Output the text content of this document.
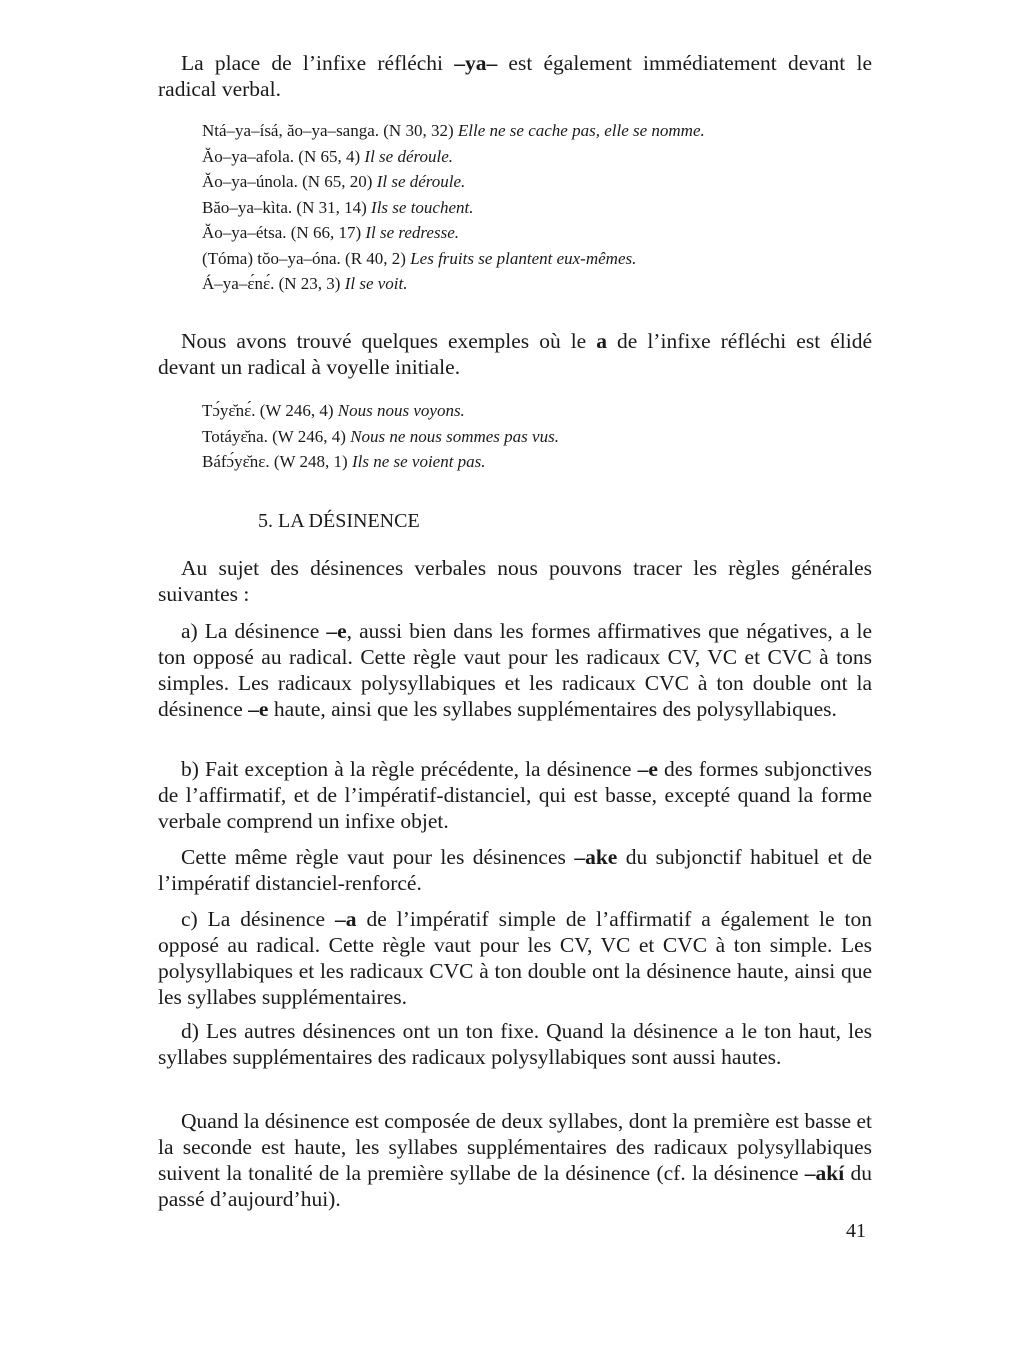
La place de l’infixe réfléchi –ya– est également immédiatement devant le radical verbal.

Ntá–ya–ísá, ăo–ya–sanga. (N 30, 32) Elle ne se cache pas, elle se nomme.
Ăo–ya–afola. (N 65, 4) Il se déroule.
Ăo–ya–únola. (N 65, 20) Il se déroule.
Băo–ya–kìta. (N 31, 14) Ils se touchent.
Ăo–ya–étsa. (N 66, 17) Il se redresse.
(Tóma) tŏo–ya–óna. (R 40, 2) Les fruits se plantent eux-mêmes.
Á–ya–ɛ́nɛ́. (N 23, 3) Il se voit.

Nous avons trouvé quelques exemples où le a de l’infixe réfléchi est élidé devant un radical à voyelle initiale.

Tɔ́yɛ̆nɛ́. (W 246, 4) Nous nous voyons.
Totáyɛ̆na. (W 246, 4) Nous ne nous sommes pas vus.
Báfɔ́yɛ̆nɛ. (W 248, 1) Ils ne se voient pas.
5. LA DÉSINENCE

Au sujet des désinences verbales nous pouvons tracer les règles générales suivantes :

a) La désinence –e, aussi bien dans les formes affirmatives que négatives, a le ton opposé au radical. Cette règle vaut pour les radicaux CV, VC et CVC à tons simples. Les radicaux polysyllabiques et les radicaux CVC à ton double ont la désinence –e haute, ainsi que les syllabes supplémentaires des polysyllabiques.

b) Fait exception à la règle précédente, la désinence –e des formes subjonctives de l’affirmatif, et de l’impératif-distanciel, qui est basse, excepté quand la forme verbale comprend un infixe objet.

Cette même règle vaut pour les désinences –ake du subjonctif habituel et de l’impératif distanciel-renforcé.

c) La désinence –a de l’impératif simple de l’affirmatif a également le ton opposé au radical. Cette règle vaut pour les CV, VC et CVC à ton simple. Les polysyllabiques et les radicaux CVC à ton double ont la désinence haute, ainsi que les syllabes supplémentaires.

d) Les autres désinences ont un ton fixe. Quand la désinence a le ton haut, les syllabes supplémentaires des radicaux polysyllabiques sont aussi hautes.

Quand la désinence est composée de deux syllabes, dont la première est basse et la seconde est haute, les syllabes supplémentaires des radicaux polysyllabiques suivent la tonalité de la première syllabe de la désinence (cf. la désinence –akí du passé d’aujourd’hui).

41
